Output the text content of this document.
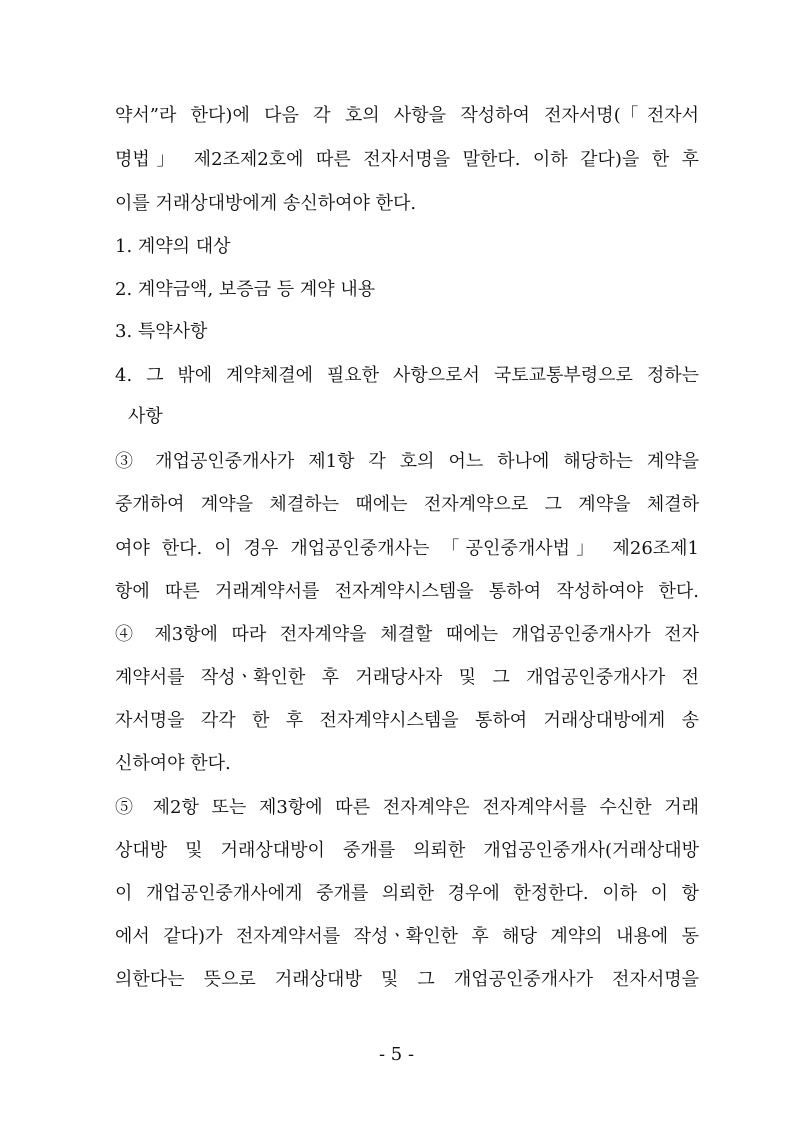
약서”라 한다)에 다음 각 호의 사항을 작성하여 전자서명(「전자서
명법」 제2조제2호에 따른 전자서명을 말한다. 이하 같다)을 한 후
이를 거래상대방에게 송신하여야 한다.
1. 계약의 대상
2. 계약금액, 보증금 등 계약 내용
3. 특약사항
4. 그 밖에 계약체결에 필요한 사항으로서 국토교통부령으로 정하는
사항
③ 개업공인중개사가 제1항 각 호의 어느 하나에 해당하는 계약을
중개하여 계약을 체결하는 때에는 전자계약으로 그 계약을 체결하
여야 한다. 이 경우 개업공인중개사는 「공인중개사법」 제26조제1
항에 따른 거래계약서를 전자계약시스템을 통하여 작성하여야 한다.
④ 제3항에 따라 전자계약을 체결할 때에는 개업공인중개사가 전자
계약서를 작성ㆍ확인한 후 거래당사자 및 그 개업공인중개사가 전
자서명을 각각 한 후 전자계약시스템을 통하여 거래상대방에게 송
신하여야 한다.
⑤ 제2항 또는 제3항에 따른 전자계약은 전자계약서를 수신한 거래
상대방 및 거래상대방이 중개를 의뢰한 개업공인중개사(거래상대방
이 개업공인중개사에게 중개를 의뢰한 경우에 한정한다. 이하 이 항
에서 같다)가 전자계약서를 작성ㆍ확인한 후 해당 계약의 내용에 동
의한다는 뜻으로 거래상대방 및 그 개업공인중개사가 전자서명을
- 5 -
